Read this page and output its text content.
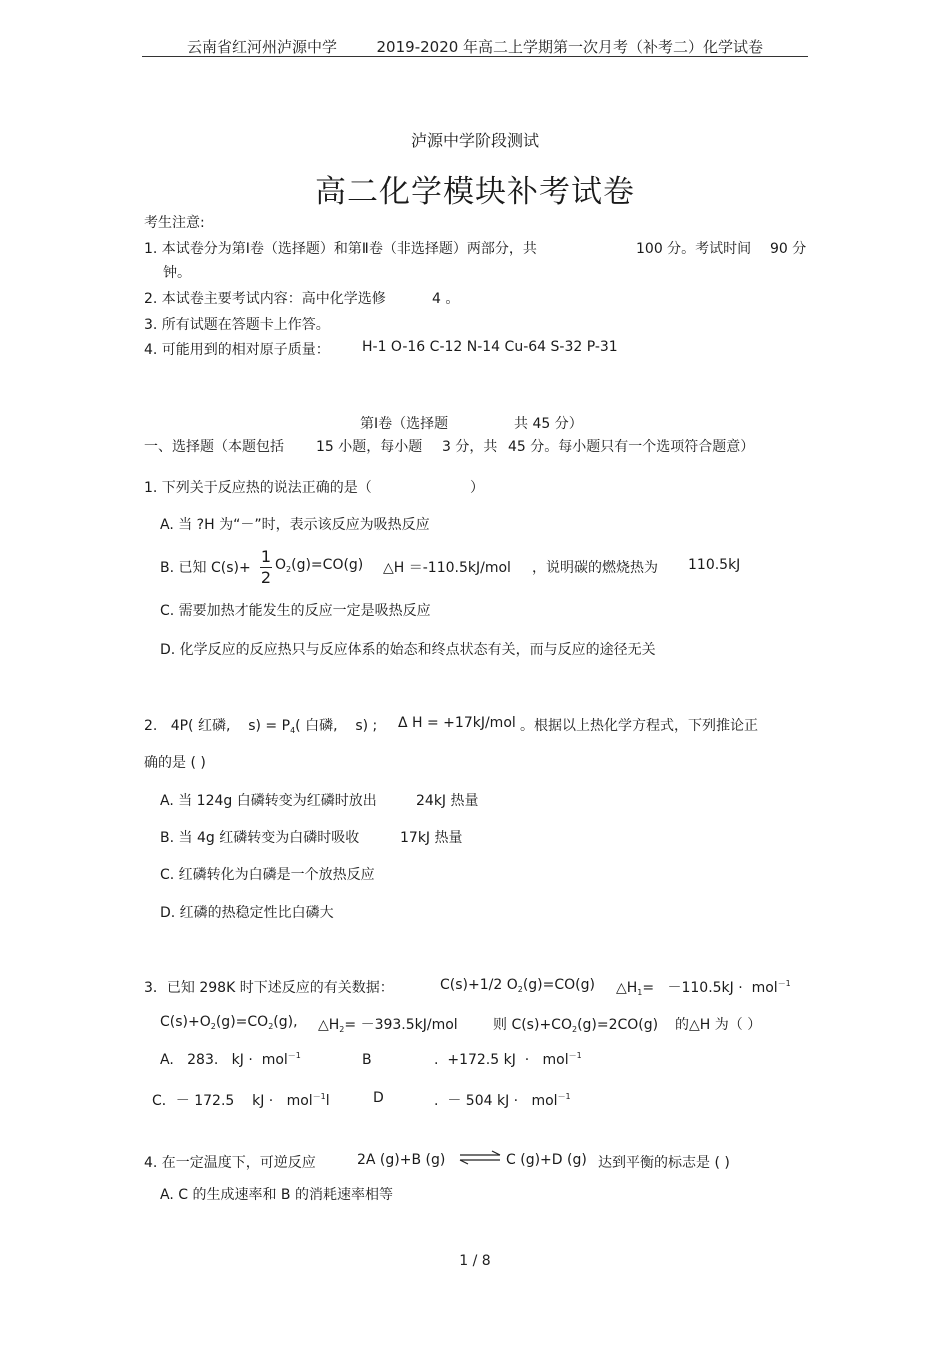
云南省红河州泸源中学	2019-2020 年高二上学期第一次月考（补考二）化学试卷
泸源中学阶段测试
高二化学模块补考试卷
考生注意:
1. 本试卷分为第Ⅰ卷（选择题）和第Ⅱ卷（非选择题）两部分，共	100 分。考试时间 90 分
钟。
2. 本试卷主要考试内容：高中化学选修	4 。
3. 所有试题在答题卡上作答。
4. 可能用到的相对原子质量： H-1 O-16 C-12 N-14 Cu-64 S-32 P-31
第Ⅰ卷（选择题	共 45 分）
一、选择题（本题包括 15 小题，每小题 3 分，共 45 分。每小题只有一个选项符合题意）
1. 下列关于反应热的说法正确的是（	）
A. 当 ?H 为“－”时，表示该反应为吸热反应
B. 已知 C(s)+
1
2
$O_2(g)=CO(g)$ △H ＝-110.5kJ/mol ，说明碳的燃烧热为 110.5kJ
C. 需要加热才能发生的反应一定是吸热反应
D. 化学反应的反应热只与反应体系的始态和终点状态有关，而与反应的途径无关
2.   4P( 红磷,    $s) = P_4$( 白磷,    s) ; Δ H = +17kJ/mol 。根据以上热化学方程式，下列推论正
确的是 ( )
A. 当 124g 白磷转变为红磷时放出	24kJ 热量
B. 当 4g 红磷转变为白磷时吸收	17kJ 热量
C. 红磷转化为白磷是一个放热反应
D. 红磷的热稳定性比白磷大
3．已知 298K 时下述反应的有关数据：	C(s)+1/2 $O_2(g)=CO(g)$ $\triangle H_1= -110.5kJ \cdot mol^{-1}$
$C(s)+O_2(g)=CO_2(g)$, $\triangle H_2= -393.5kJ/mol$	则 $C(s)+CO_2(g)=2CO(g)$ 的△H 为（ ）
A.   283.   kJ ·  mol$^{-1}$	B	.  +172.5 kJ  ·   mol$^{-1}$
C．－ 172.5    kJ ·   mol$^{-1}$l	D	.  － 504 kJ ·   mol$^{-1}$
4. 在一定温度下，可逆反应	2A (g)+B (g) ⇌ C (g)+D (g) 达到平衡的标志是 ( )
A. C 的生成速率和 B 的消耗速率相等
1 / 8
